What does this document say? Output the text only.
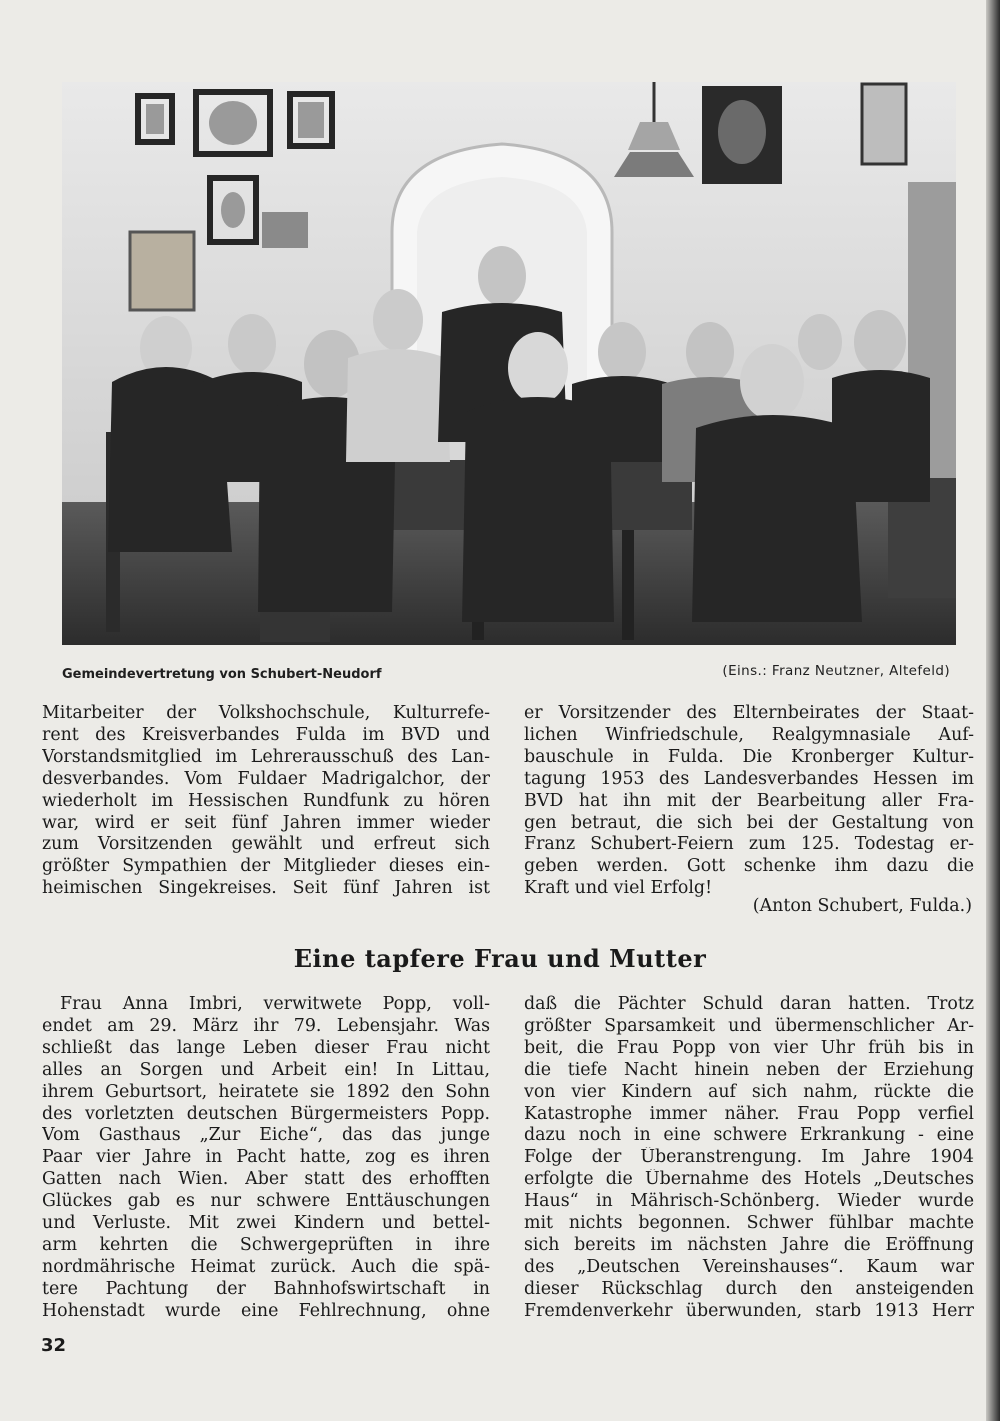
Gemeindevertretung von Schubert-Neudorf	(Eins.: Franz Neutzner, Altefeld)
Mitarbeiter der Volkshochschule, Kulturrefe-
rent des Kreisverbandes Fulda im BVD und
Vorstandsmitglied im Lehrerausschuß des Lan-
desverbandes. Vom Fuldaer Madrigalchor, der
wiederholt im Hessischen Rundfunk zu hören
war, wird er seit fünf Jahren immer wieder
zum Vorsitzenden gewählt und erfreut sich
größter Sympathien der Mitglieder dieses ein-
heimischen Singekreises. Seit fünf Jahren ist
er Vorsitzender des Elternbeirates der Staat-
lichen Winfriedschule, Realgymnasiale Auf-
bauschule in Fulda. Die Kronberger Kultur-
tagung 1953 des Landesverbandes Hessen im
BVD hat ihn mit der Bearbeitung aller Fra-
gen betraut, die sich bei der Gestaltung von
Franz Schubert-Feiern zum 125. Todestag er-
geben werden. Gott schenke ihm dazu die
Kraft und viel Erfolg!
(Anton Schubert, Fulda.)
Eine tapfere Frau und Mutter
Frau Anna Imbri, verwitwete Popp, voll-
endet am 29. März ihr 79. Lebensjahr. Was
schließt das lange Leben dieser Frau nicht
alles an Sorgen und Arbeit ein! In Littau,
ihrem Geburtsort, heiratete sie 1892 den Sohn
des vorletzten deutschen Bürgermeisters Popp.
Vom Gasthaus „Zur Eiche“, das das junge
Paar vier Jahre in Pacht hatte, zog es ihren
Gatten nach Wien. Aber statt des erhofften
Glückes gab es nur schwere Enttäuschungen
und Verluste. Mit zwei Kindern und bettel-
arm kehrten die Schwergeprüften in ihre
nordmährische Heimat zurück. Auch die spä-
tere Pachtung der Bahnhofswirtschaft in
Hohenstadt wurde eine Fehlrechnung, ohne
daß die Pächter Schuld daran hatten. Trotz
größter Sparsamkeit und übermenschlicher Ar-
beit, die Frau Popp von vier Uhr früh bis in
die tiefe Nacht hinein neben der Erziehung
von vier Kindern auf sich nahm, rückte die
Katastrophe immer näher. Frau Popp verfiel
dazu noch in eine schwere Erkrankung - eine
Folge der Überanstrengung. Im Jahre 1904
erfolgte die Übernahme des Hotels „Deutsches
Haus“ in Mährisch-Schönberg. Wieder wurde
mit nichts begonnen. Schwer fühlbar machte
sich bereits im nächsten Jahre die Eröffnung
des „Deutschen Vereinshauses“. Kaum war
dieser Rückschlag durch den ansteigenden
Fremdenverkehr überwunden, starb 1913 Herr
32
